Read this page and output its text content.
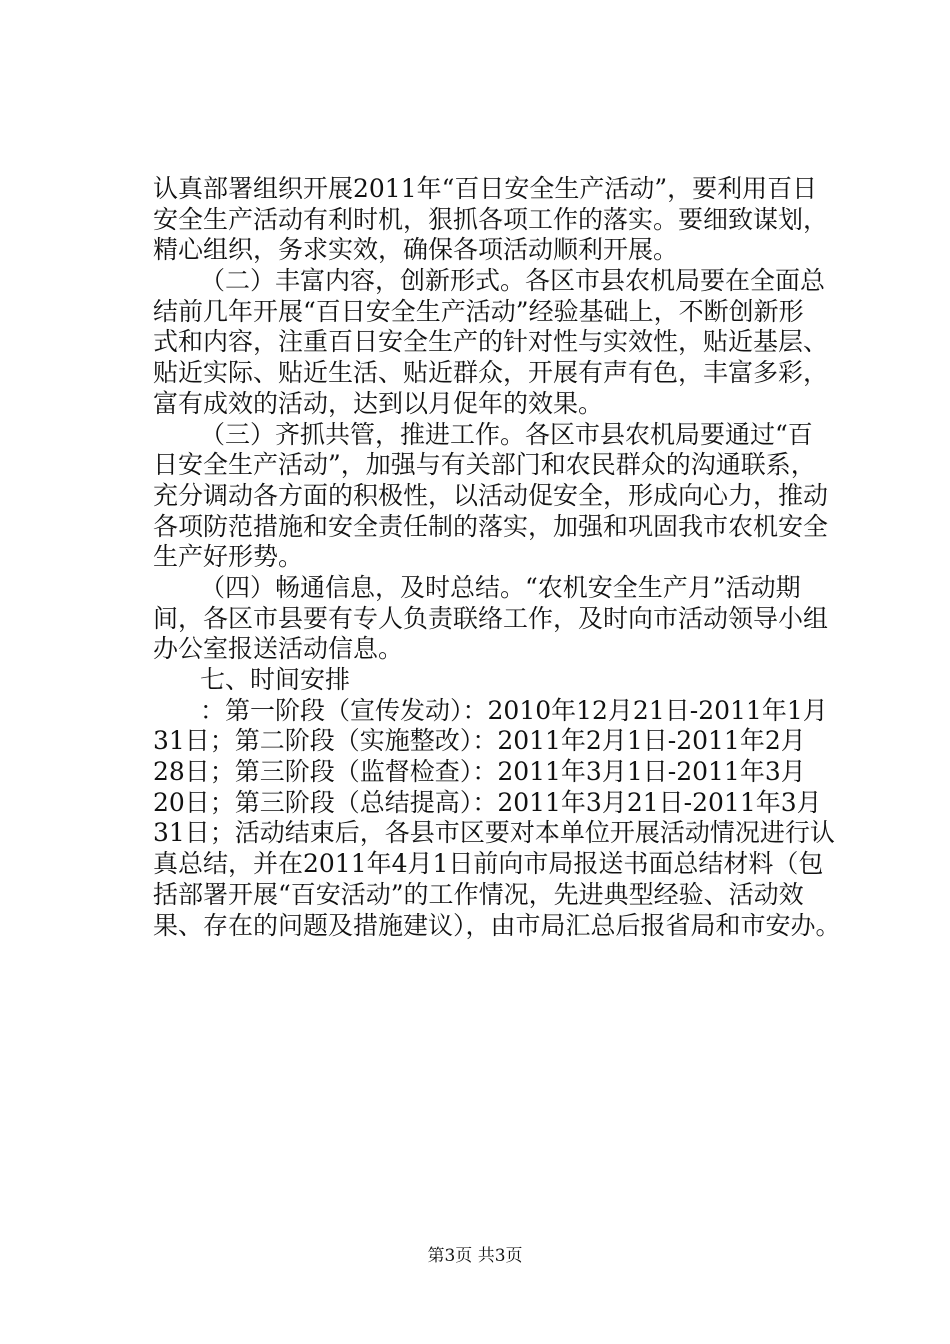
认真部署组织开展2011年“百日安全生产活动”，要利用百日
安全生产活动有利时机，狠抓各项工作的落实。要细致谋划，
精心组织，务求实效，确保各项活动顺利开展。
（二）丰富内容，创新形式。各区市县农机局要在全面总
结前几年开展“百日安全生产活动”经验基础上，不断创新形
式和内容，注重百日安全生产的针对性与实效性，贴近基层、
贴近实际、贴近生活、贴近群众，开展有声有色，丰富多彩，
富有成效的活动，达到以月促年的效果。
（三）齐抓共管，推进工作。各区市县农机局要通过“百
日安全生产活动”，加强与有关部门和农民群众的沟通联系，
充分调动各方面的积极性，以活动促安全，形成向心力，推动
各项防范措施和安全责任制的落实，加强和巩固我市农机安全
生产好形势。
（四）畅通信息，及时总结。“农机安全生产月”活动期
间，各区市县要有专人负责联络工作，及时向市活动领导小组
办公室报送活动信息。
七、时间安排
：第一阶段（宣传发动）：2010年12月21日-2011年1月
31日；第二阶段（实施整改）：2011年2月1日-2011年2月
28日；第三阶段（监督检查）：2011年3月1日-2011年3月
20日；第三阶段（总结提高）：2011年3月21日-2011年3月
31日；活动结束后，各县市区要对本单位开展活动情况进行认
真总结，并在2011年4月1日前向市局报送书面总结材料（包
括部署开展“百安活动”的工作情况，先进典型经验、活动效
果、存在的问题及措施建议），由市局汇总后报省局和市安办。
第3页 共3页
